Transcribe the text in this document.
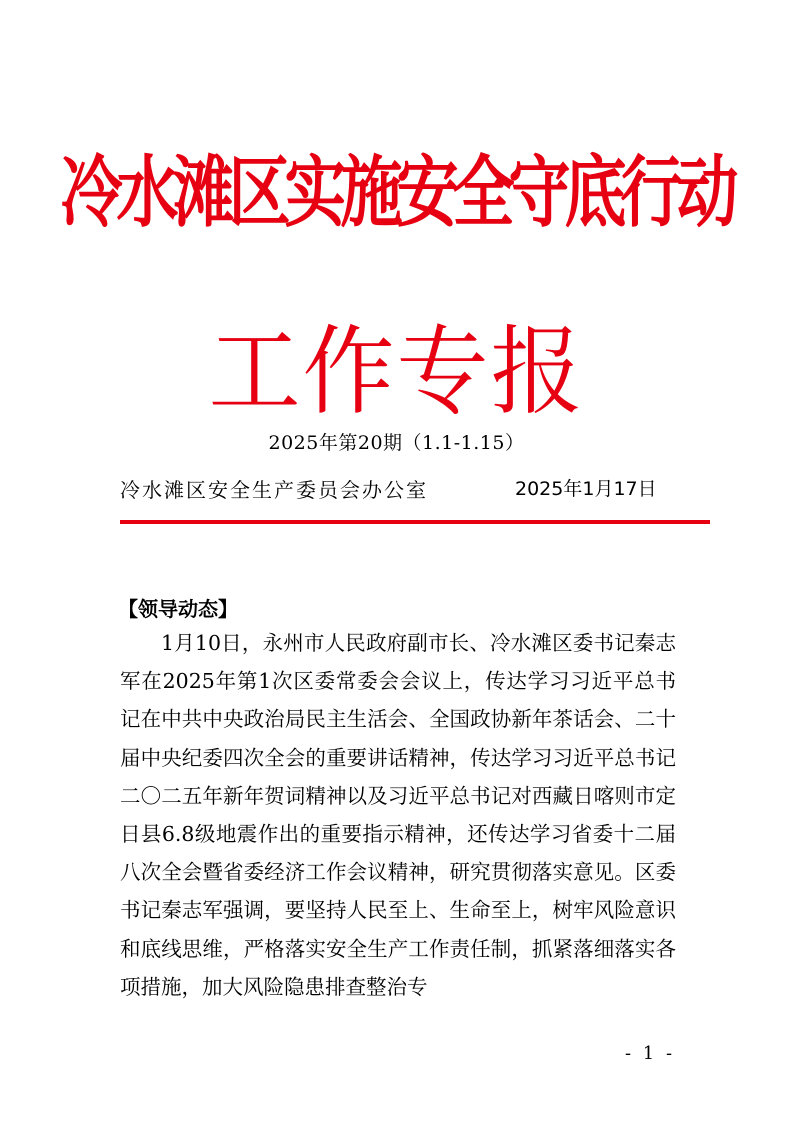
冷水滩区实施安全守底行动
工作专报
2025年第20期（1.1-1.15）
冷水滩区安全生产委员会办公室	2025年1月17日
【领导动态】

1月10日，永州市人民政府副市长、冷水滩区委书记秦志军在2025年第1次区委常委会会议上，传达学习习近平总书记在中共中央政治局民主生活会、全国政协新年茶话会、二十届中央纪委四次全会的重要讲话精神，传达学习习近平总书记二〇二五年新年贺词精神以及习近平总书记对西藏日喀则市定日县6.8级地震作出的重要指示精神，还传达学习省委十二届八次全会暨省委经济工作会议精神，研究贯彻落实意见。区委书记秦志军强调，要坚持人民至上、生命至上，树牢风险意识和底线思维，严格落实安全生产工作责任制，抓紧落细落实各项措施，加大风险隐患排查整治专

- 1 -
